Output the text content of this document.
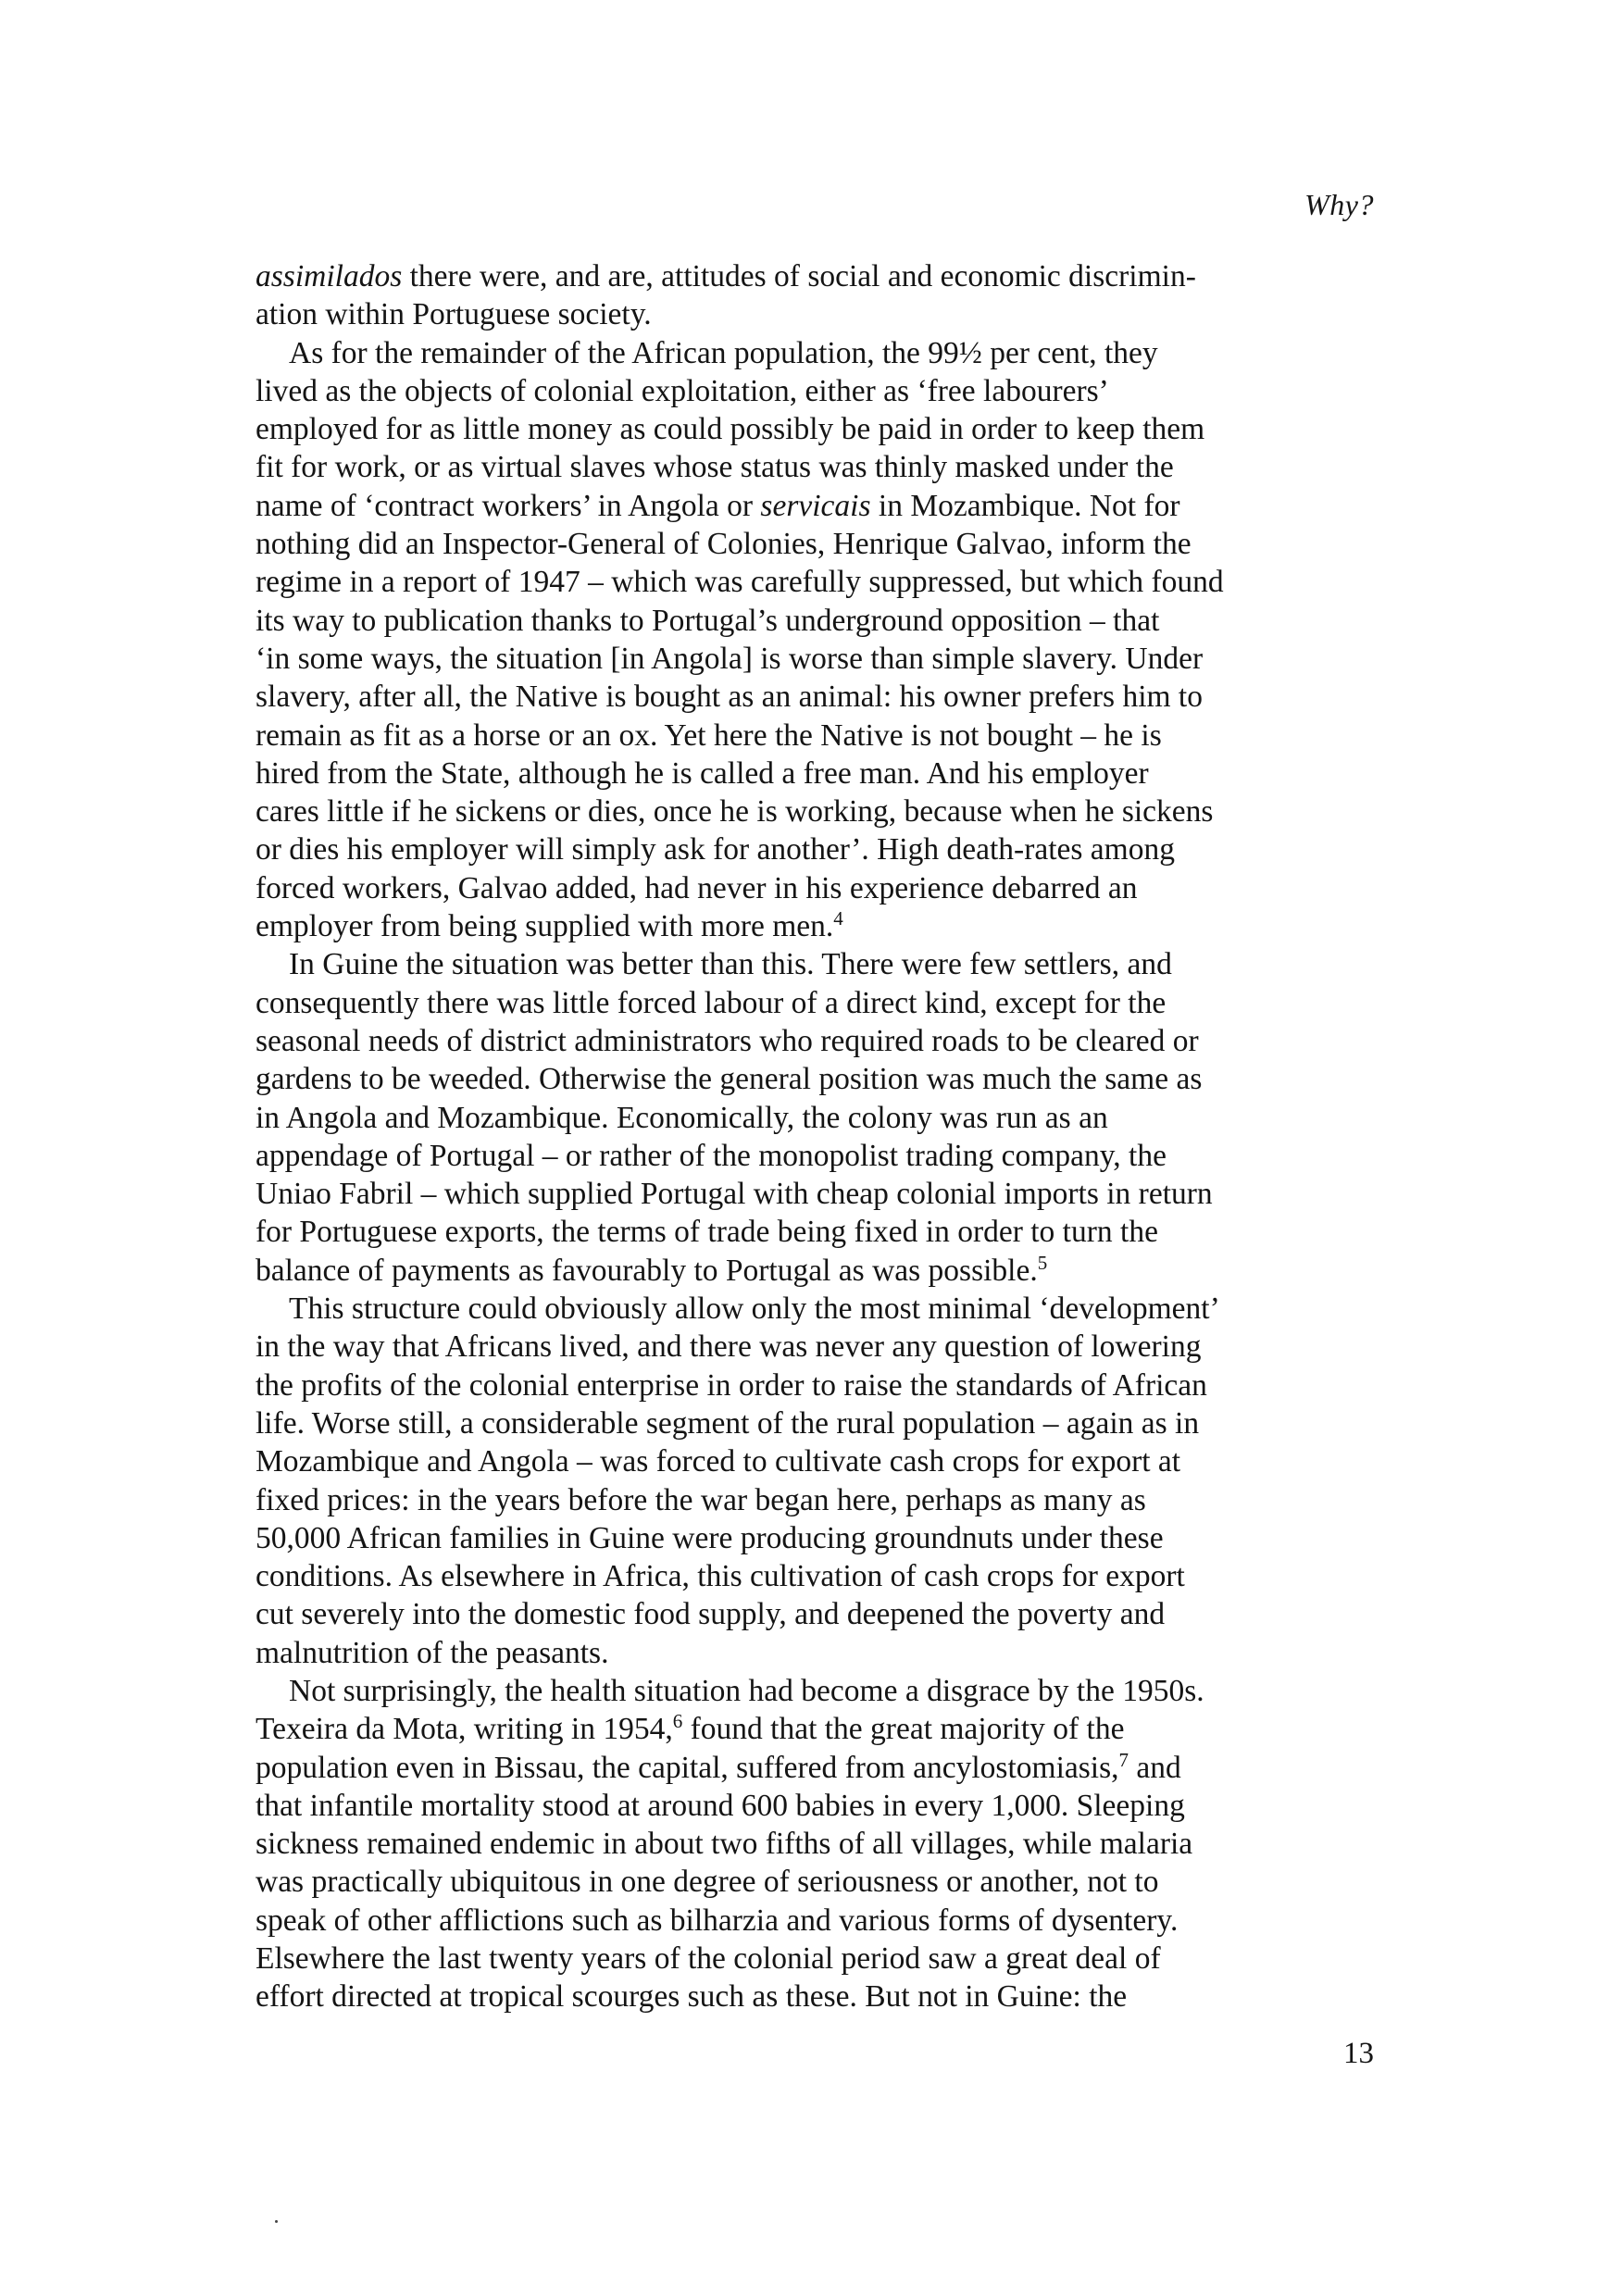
Why?
assimilados there were, and are, attitudes of social and economic discrimin-
ation within Portuguese society.
As for the remainder of the African population, the 99½ per cent, they
lived as the objects of colonial exploitation, either as ‘free labourers’
employed for as little money as could possibly be paid in order to keep them
fit for work, or as virtual slaves whose status was thinly masked under the
name of ‘contract workers’ in Angola or servicais in Mozambique. Not for
nothing did an Inspector-General of Colonies, Henrique Galvao, inform the
regime in a report of 1947 – which was carefully suppressed, but which found
its way to publication thanks to Portugal’s underground opposition – that
‘in some ways, the situation [in Angola] is worse than simple slavery. Under
slavery, after all, the Native is bought as an animal: his owner prefers him to
remain as fit as a horse or an ox. Yet here the Native is not bought – he is
hired from the State, although he is called a free man. And his employer
cares little if he sickens or dies, once he is working, because when he sickens
or dies his employer will simply ask for another’. High death-rates among
forced workers, Galvao added, had never in his experience debarred an
employer from being supplied with more men.$^4$
In Guine the situation was better than this. There were few settlers, and
consequently there was little forced labour of a direct kind, except for the
seasonal needs of district administrators who required roads to be cleared or
gardens to be weeded. Otherwise the general position was much the same as
in Angola and Mozambique. Economically, the colony was run as an
appendage of Portugal – or rather of the monopolist trading company, the
Uniao Fabril – which supplied Portugal with cheap colonial imports in return
for Portuguese exports, the terms of trade being fixed in order to turn the
balance of payments as favourably to Portugal as was possible.$^5$
This structure could obviously allow only the most minimal ‘development’
in the way that Africans lived, and there was never any question of lowering
the profits of the colonial enterprise in order to raise the standards of African
life. Worse still, a considerable segment of the rural population – again as in
Mozambique and Angola – was forced to cultivate cash crops for export at
fixed prices: in the years before the war began here, perhaps as many as
50,000 African families in Guine were producing groundnuts under these
conditions. As elsewhere in Africa, this cultivation of cash crops for export
cut severely into the domestic food supply, and deepened the poverty and
malnutrition of the peasants.
Not surprisingly, the health situation had become a disgrace by the 1950s.
Texeira da Mota, writing in 1954,$^6$ found that the great majority of the
population even in Bissau, the capital, suffered from ancylostomiasis,$^7$ and
that infantile mortality stood at around 600 babies in every 1,000. Sleeping
sickness remained endemic in about two fifths of all villages, while malaria
was practically ubiquitous in one degree of seriousness or another, not to
speak of other afflictions such as bilharzia and various forms of dysentery.
Elsewhere the last twenty years of the colonial period saw a great deal of
effort directed at tropical scourges such as these. But not in Guine: the
13
